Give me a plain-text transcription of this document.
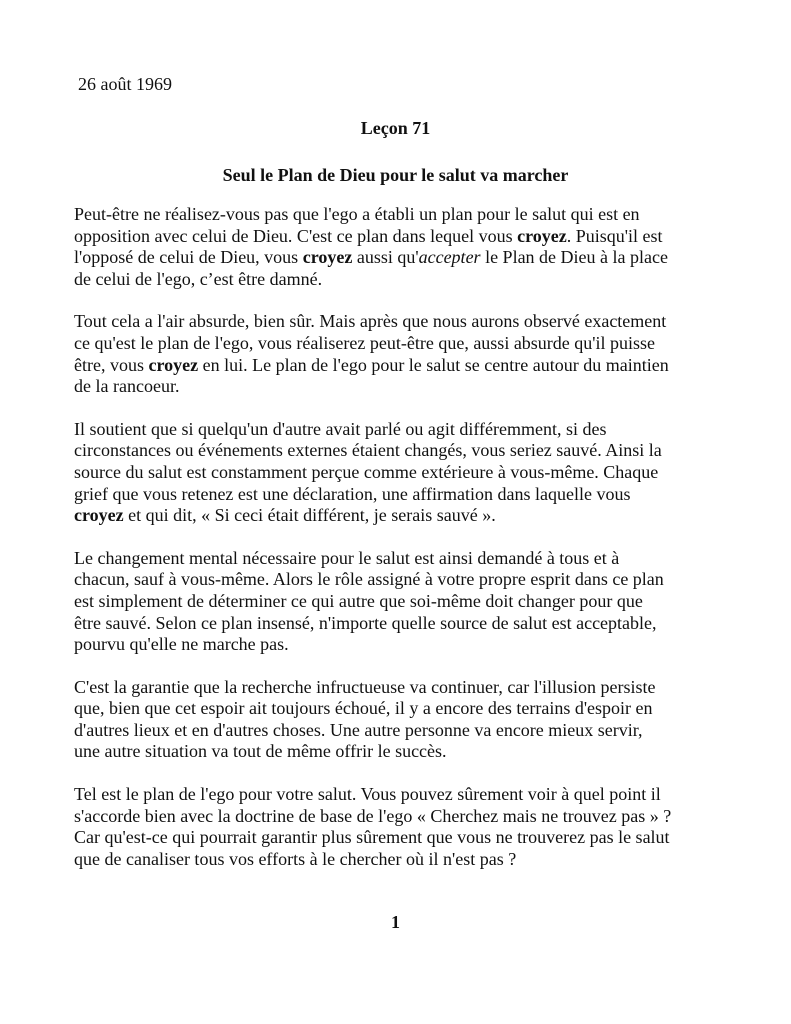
26 août 1969
Leçon 71
Seul le Plan de Dieu pour le salut va marcher

Peut-être ne réalisez-vous pas que l'ego a établi un plan pour le salut qui est en
opposition avec celui de Dieu. C'est ce plan dans lequel vous croyez. Puisqu'il est
l'opposé de celui de Dieu, vous croyez aussi qu'accepter le Plan de Dieu à la place
de celui de l'ego, c’est être damné.

Tout cela a l'air absurde, bien sûr. Mais après que nous aurons observé exactement
ce qu'est le plan de l'ego, vous réaliserez peut-être que, aussi absurde qu'il puisse
être, vous croyez en lui. Le plan de l'ego pour le salut se centre autour du maintien
de la rancoeur.

Il soutient que si quelqu'un d'autre avait parlé ou agit différemment, si des
circonstances ou événements externes étaient changés, vous seriez sauvé. Ainsi la
source du salut est constamment perçue comme extérieure à vous-même. Chaque
grief que vous retenez est une déclaration, une affirmation dans laquelle vous
croyez et qui dit, « Si ceci était différent, je serais sauvé ».

Le changement mental nécessaire pour le salut est ainsi demandé à tous et à
chacun, sauf à vous-même. Alors le rôle assigné à votre propre esprit dans ce plan
est simplement de déterminer ce qui autre que soi-même doit changer pour que
être sauvé. Selon ce plan insensé, n'importe quelle source de salut est acceptable,
pourvu qu'elle ne marche pas.

C'est la garantie que la recherche infructueuse va continuer, car l'illusion persiste
que, bien que cet espoir ait toujours échoué, il y a encore des terrains d'espoir en
d'autres lieux et en d'autres choses. Une autre personne va encore mieux servir,
une autre situation va tout de même offrir le succès.

Tel est le plan de l'ego pour votre salut. Vous pouvez sûrement voir à quel point il
s'accorde bien avec la doctrine de base de l'ego « Cherchez mais ne trouvez pas » ?
Car qu'est-ce qui pourrait garantir plus sûrement que vous ne trouverez pas le salut
que de canaliser tous vos efforts à le chercher où il n'est pas ?

1
